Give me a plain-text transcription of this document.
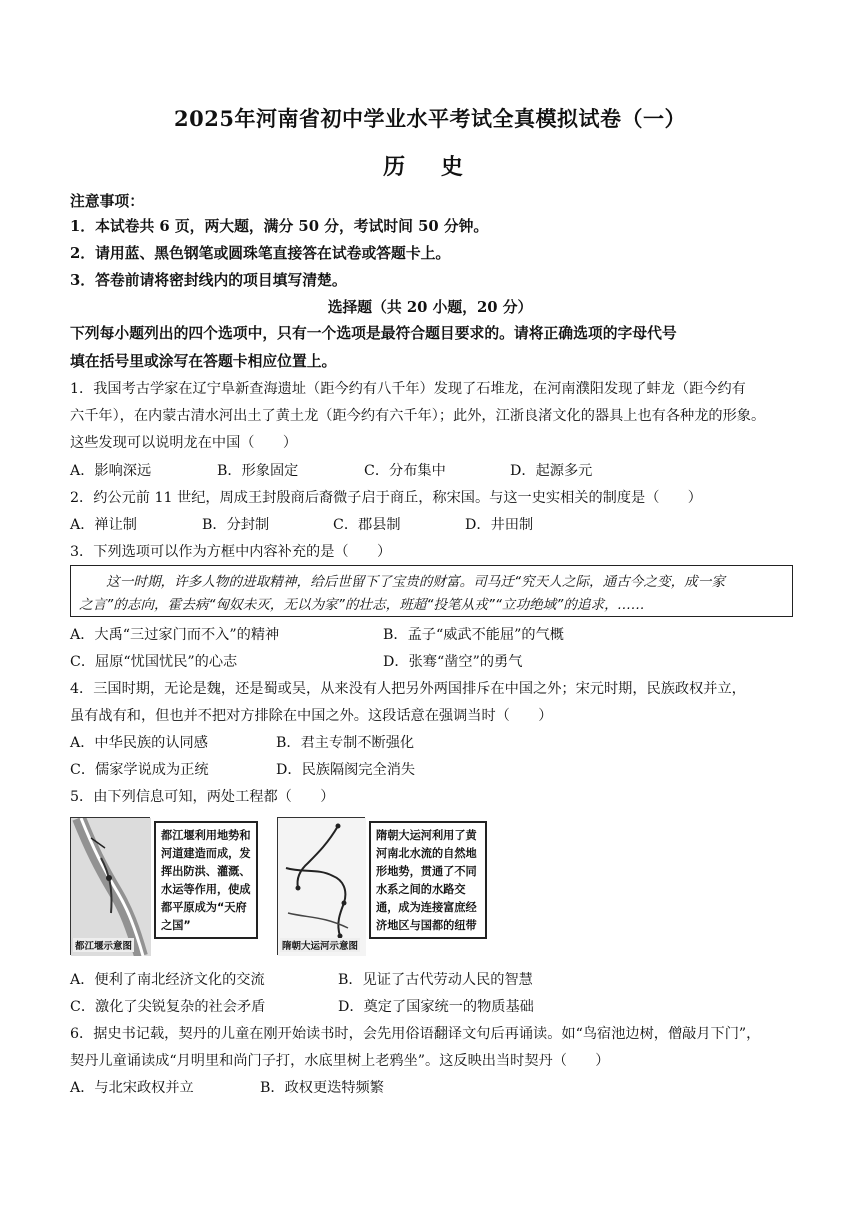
2025年河南省初中学业水平考试全真模拟试卷（一）
历 史
注意事项：
1．本试卷共 6 页，两大题，满分 50 分，考试时间 50 分钟。
2．请用蓝、黑色钢笔或圆珠笔直接答在试卷或答题卡上。
3．答卷前请将密封线内的项目填写清楚。
选择题（共 20 小题，20 分）
下列每小题列出的四个选项中，只有一个选项是最符合题目要求的。请将正确选项的字母代号
填在括号里或涂写在答题卡相应位置上。
1．我国考古学家在辽宁阜新查海遗址（距今约有八千年）发现了石堆龙，在河南濮阳发现了蚌龙（距今约有
六千年），在内蒙古清水河出土了黄土龙（距今约有六千年）；此外，江浙良渚文化的器具上也有各种龙的形象。
这些发现可以说明龙在中国（　　）
A．影响深远	B．形象固定	C．分布集中	D．起源多元
2．约公元前 11 世纪，周成王封殷商后裔微子启于商丘，称宋国。与这一史实相关的制度是（　　）
A．禅让制	B．分封制	C．郡县制	D．井田制
3．下列选项可以作为方框中内容补充的是（　　）
　　这一时期，许多人物的进取精神，给后世留下了宝贵的财富。司马迁“究天人之际，通古今之变，成一家
之言”的志向，霍去病“匈奴未灭，无以为家”的壮志，班超“投笔从戎”“立功绝域”的追求，……
A．大禹“三过家门而不入”的精神	B．孟子“威武不能屈”的气概
C．屈原“忧国忧民”的心志	D．张骞“凿空”的勇气
4．三国时期，无论是魏，还是蜀或吴，从来没有人把另外两国排斥在中国之外；宋元时期，民族政权并立，
虽有战有和，但也并不把对方排除在中国之外。这段话意在强调当时（　　）
A．中华民族的认同感	B．君主专制不断强化
C．儒家学说成为正统	D．民族隔阂完全消失
5．由下列信息可知，两处工程都（　　）
都江堰示意图
都江堰利用地势和河道建造而成，发挥出防洪、灌溉、水运等作用，使成都平原成为“天府之国”
隋朝大运河示意图
隋朝大运河利用了黄河南北水流的自然地形地势，贯通了不同水系之间的水路交通，成为连接富庶经济地区与国都的纽带
A．便利了南北经济文化的交流	B．见证了古代劳动人民的智慧
C．激化了尖锐复杂的社会矛盾	D．奠定了国家统一的物质基础
6．据史书记载，契丹的儿童在刚开始读书时，会先用俗语翻译文句后再诵读。如“鸟宿池边树，僧敲月下门”，
契丹儿童诵读成“月明里和尚门子打，水底里树上老鸦坐”。这反映出当时契丹（　　）
A．与北宋政权并立	B．政权更迭特频繁
